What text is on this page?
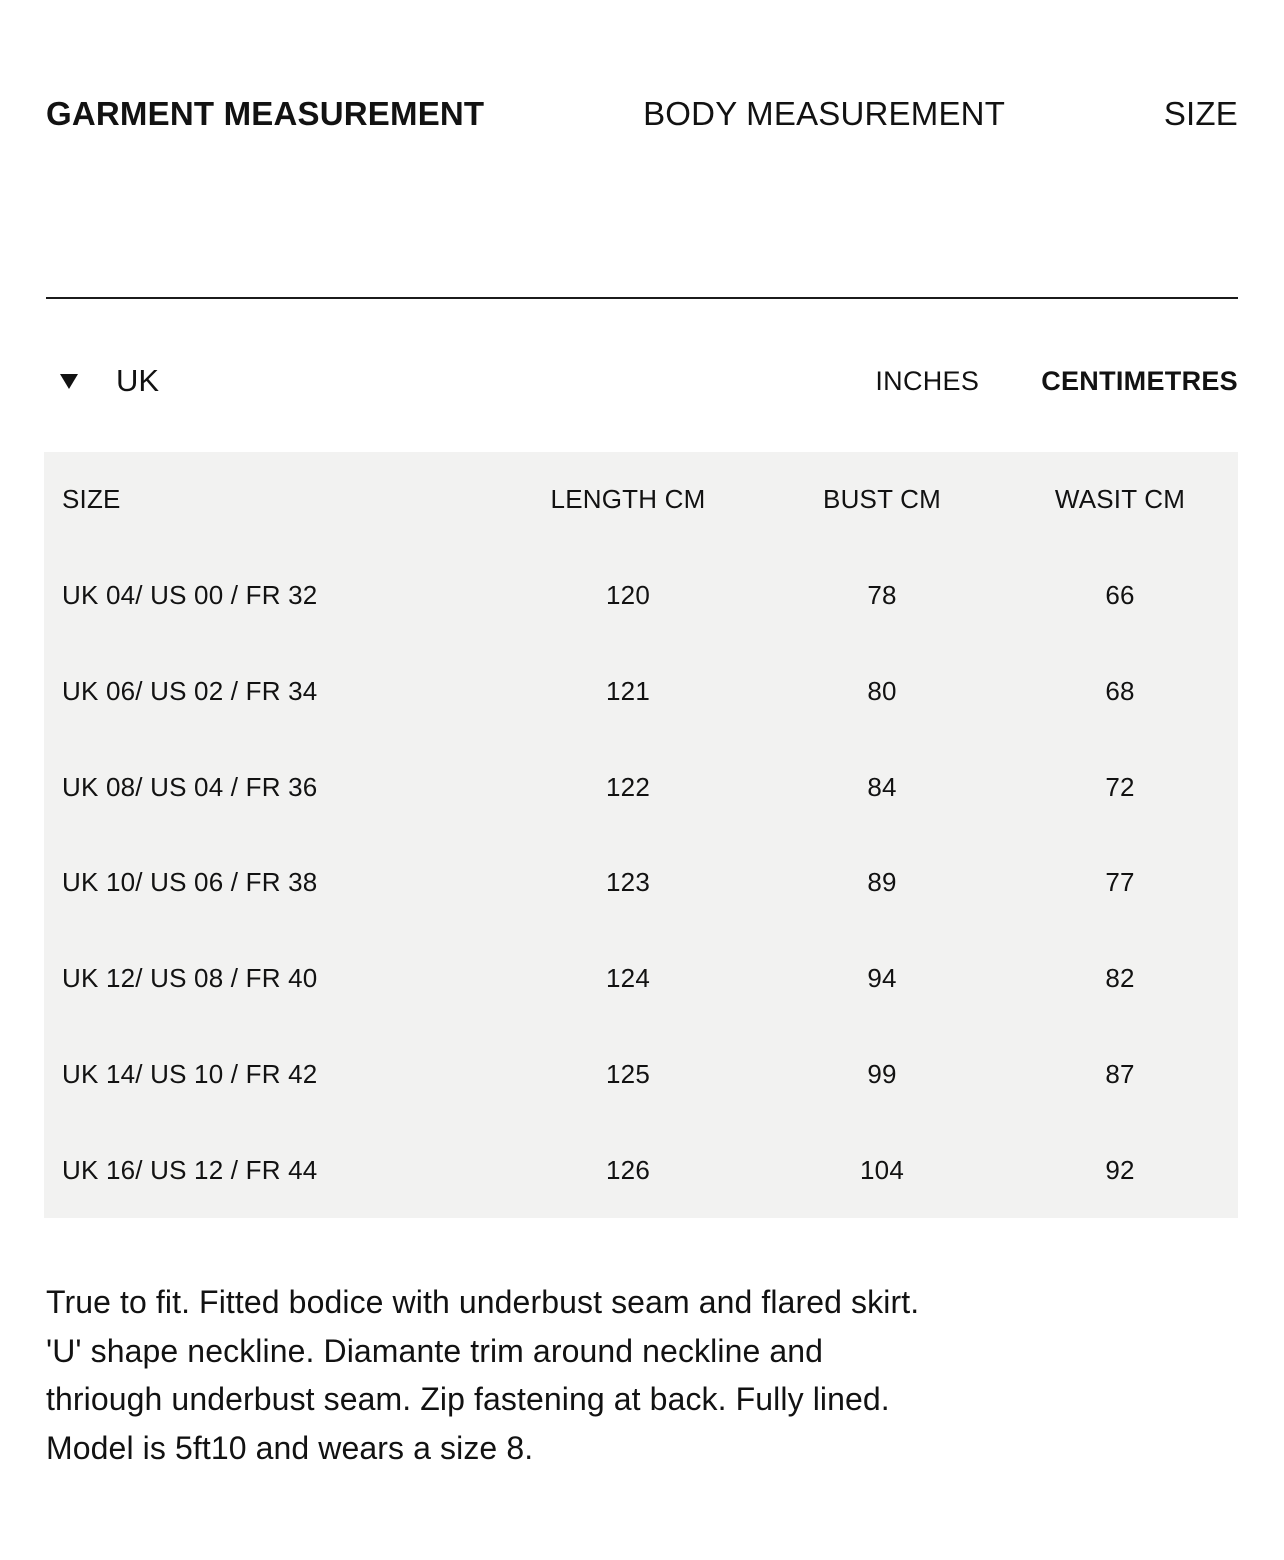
GARMENT MEASUREMENT	BODY MEASUREMENT	SIZE
UK	INCHES CENTIMETRES
SIZE	LENGTH CM	BUST CM	WASIT CM
UK 04/ US 00 / FR 32	120	78	66
UK 06/ US 02 / FR 34	121	80	68
UK 08/ US 04 / FR 36	122	84	72
UK 10/ US 06 / FR 38	123	89	77
UK 12/ US 08 / FR 40	124	94	82
UK 14/ US 10 / FR 42	125	99	87
UK 16/ US 12 / FR 44	126	104	92
True to fit. Fitted bodice with underbust seam and flared skirt.
'U' shape neckline. Diamante trim around neckline and
thriough underbust seam. Zip fastening at back. Fully lined.
Model is 5ft10 and wears a size 8.
